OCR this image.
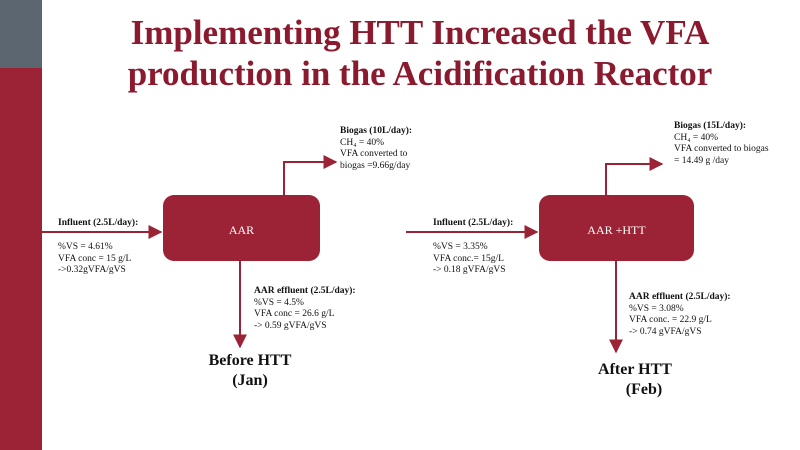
Implementing HTT Increased the VFA
production in the Acidification Reactor
AAR	AAR +HTT
Influent (2.5L/day):
%VS = 4.61%
VFA conc = 15 g/L
->0.32gVFA/gVS
Biogas (10L/day):
CH₄ = 40%
VFA converted to
biogas =9.66g/day
AAR effluent (2.5L/day):
%VS = 4.5%
VFA conc = 26.6 g/L
-> 0.59 gVFA/gVS
Before HTT
(Jan)
Influent (2.5L/day):
%VS = 3.35%
VFA conc.= 15g/L
-> 0.18 gVFA/gVS
Biogas (15L/day):
CH₄ = 40%
VFA converted to biogas
= 14.49 g /day
AAR effluent (2.5L/day):
%VS = 3.08%
VFA conc. = 22.9 g/L
-> 0.74 gVFA/gVS
After HTT
(Feb)
